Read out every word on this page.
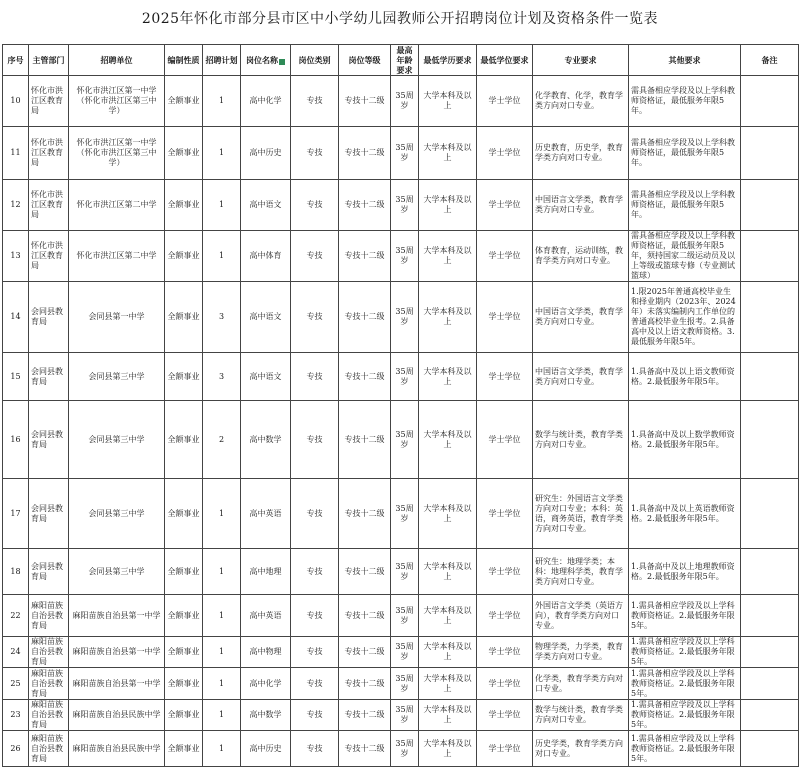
2025年怀化市部分县市区中小学幼儿园教师公开招聘岗位计划及资格条件一览表
序号	主管部门	招聘单位	编制性质	招聘计划	岗位名称	岗位类别	岗位等级	最高年龄要求	最低学历要求	最低学位要求	专业要求	其他要求	备注
10	怀化市洪江区教育局	怀化市洪江区第一中学（怀化市洪江区第三中学）	全额事业	1	高中化学	专技	专技十二级	35周岁	大学本科及以上	学士学位	化学教育、化学，教育学类方向对口专业。	需具备相应学段及以上学科教师资格证，最低服务年限5年。	
11	怀化市洪江区教育局	怀化市洪江区第一中学（怀化市洪江区第三中学）	全额事业	1	高中历史	专技	专技十二级	35周岁	大学本科及以上	学士学位	历史教育，历史学，教育学类方向对口专业。	需具备相应学段及以上学科教师资格证，最低服务年限5年。	
12	怀化市洪江区教育局	怀化市洪江区第二中学	全额事业	1	高中语文	专技	专技十二级	35周岁	大学本科及以上	学士学位	中国语言文学类，教育学类方向对口专业。	需具备相应学段及以上学科教师资格证，最低服务年限5年。	
13	怀化市洪江区教育局	怀化市洪江区第二中学	全额事业	1	高中体育	专技	专技十二级	35周岁	大学本科及以上	学士学位	体育教育，运动训练，教育学类方向对口专业。	需具备相应学段及以上学科教师资格证，最低服务年限5年，须持国家二级运动员及以上等级或篮球专修（专业测试篮球）	
14	会同县教育局	会同县第一中学	全额事业	3	高中语文	专技	专技十二级	35周岁	大学本科及以上	学士学位	中国语言文学类，教育学类方向对口专业。	1.限2025年普通高校毕业生和择业期内（2023年、2024年）未落实编制内工作单位的普通高校毕业生报考。2.具备高中及以上语文教师资格。3.最低服务年限5年。	
15	会同县教育局	会同县第三中学	全额事业	3	高中语文	专技	专技十二级	35周岁	大学本科及以上	学士学位	中国语言文学类，教育学类方向对口专业。	1.具备高中及以上语文教师资格。2.最低服务年限5年。	
16	会同县教育局	会同县第三中学	全额事业	2	高中数学	专技	专技十二级	35周岁	大学本科及以上	学士学位	数学与统计类，教育学类方向对口专业。	1.具备高中及以上数学教师资格。2.最低服务年限5年。	
17	会同县教育局	会同县第三中学	全额事业	1	高中英语	专技	专技十二级	35周岁	大学本科及以上	学士学位	研究生：外国语言文学类方向对口专业；本科：英语，商务英语，教育学类方向对口专业。	1.具备高中及以上英语教师资格。2.最低服务年限5年。	
18	会同县教育局	会同县第三中学	全额事业	1	高中地理	专技	专技十二级	35周岁	大学本科及以上	学士学位	研究生：地理学类；本科：地理科学类，教育学类方向对口专业。	1.具备高中及以上地理教师资格。2.最低服务年限5年。	
22	麻阳苗族自治县教育局	麻阳苗族自治县第一中学	全额事业	1	高中英语	专技	专技十二级	35周岁	大学本科及以上	学士学位	外国语言文学类（英语方向），教育学类方向对口专业。	1.需具备相应学段及以上学科教师资格证。2.最低服务年限5年。	
24	麻阳苗族自治县教育局	麻阳苗族自治县第一中学	全额事业	1	高中物理	专技	专技十二级	35周岁	大学本科及以上	学士学位	物理学类，力学类，教育学类方向对口专业。	1.需具备相应学段及以上学科教师资格证。2.最低服务年限5年。	
25	麻阳苗族自治县教育局	麻阳苗族自治县第一中学	全额事业	1	高中化学	专技	专技十二级	35周岁	大学本科及以上	学士学位	化学类，教育学类方向对口专业。	1.需具备相应学段及以上学科教师资格证。2.最低服务年限5年。	
23	麻阳苗族自治县教育局	麻阳苗族自治县民族中学	全额事业	1	高中数学	专技	专技十二级	35周岁	大学本科及以上	学士学位	数学与统计类，教育学类方向对口专业。	1.需具备相应学段及以上学科教师资格证。2.最低服务年限5年。	
26	麻阳苗族自治县教育局	麻阳苗族自治县民族中学	全额事业	1	高中历史	专技	专技十二级	35周岁	大学本科及以上	学士学位	历史学类，教育学类方向对口专业。	1.需具备相应学段及以上学科教师资格证。2.最低服务年限5年。	
